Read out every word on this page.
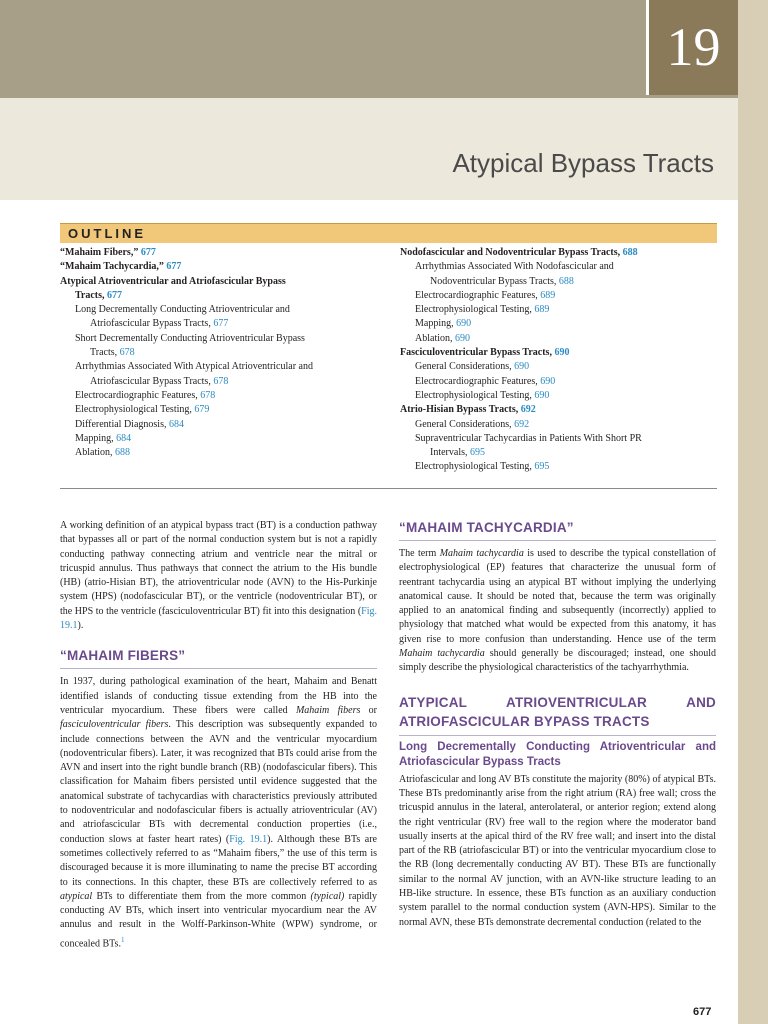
19
Atypical Bypass Tracts
OUTLINE
“Mahaim Fibers,” 677
“Mahaim Tachycardia,” 677
Atypical Atrioventricular and Atriofascicular Bypass
Tracts, 677
Long Decrementally Conducting Atrioventricular and
Atriofascicular Bypass Tracts, 677
Short Decrementally Conducting Atrioventricular Bypass
Tracts, 678
Arrhythmias Associated With Atypical Atrioventricular and
Atriofascicular Bypass Tracts, 678
Electrocardiographic Features, 678
Electrophysiological Testing, 679
Differential Diagnosis, 684
Mapping, 684
Ablation, 688
Nodofascicular and Nodoventricular Bypass Tracts, 688
Arrhythmias Associated With Nodofascicular and
Nodoventricular Bypass Tracts, 688
Electrocardiographic Features, 689
Electrophysiological Testing, 689
Mapping, 690
Ablation, 690
Fasciculoventricular Bypass Tracts, 690
General Considerations, 690
Electrocardiographic Features, 690
Electrophysiological Testing, 690
Atrio-Hisian Bypass Tracts, 692
General Considerations, 692
Supraventricular Tachycardias in Patients With Short PR
Intervals, 695
Electrophysiological Testing, 695

A working definition of an atypical bypass tract (BT) is a conduction pathway that bypasses all or part of the normal conduction system but is not a rapidly conducting pathway connecting atrium and ventricle near the mitral or tricuspid annulus. Thus pathways that connect the atrium to the His bundle (HB) (atrio-Hisian BT), the atrioventricular node (AVN) to the His-Purkinje system (HPS) (nodofascicular BT), or the ventricle (nodoventricular BT), or the HPS to the ventricle (fasciculoventricular BT) fit into this designation (Fig. 19.1).

“MAHAIM FIBERS”

In 1937, during pathological examination of the heart, Mahaim and Benatt identified islands of conducting tissue extending from the HB into the ventricular myocardium. These fibers were called Mahaim fibers or fasciculoventricular fibers. This description was subsequently expanded to include connections between the AVN and the ventricular myocardium (nodoventricular fibers). Later, it was recognized that BTs could arise from the AVN and insert into the right bundle branch (RB) (nodofascicular fibers). This classification for Mahaim fibers persisted until evidence suggested that the anatomical substrate of tachycardias with characteristics previously attributed to nodoventricular and nodofascicular fibers is actually atrioventricular (AV) and atriofascicular BTs with decremental conduction properties (i.e., conduction slows at faster heart rates) (Fig. 19.1). Although these BTs are sometimes collectively referred to as “Mahaim fibers,” the use of this term is discouraged because it is more illuminating to name the precise BT according to its connections. In this chapter, these BTs are collectively referred to as atypical BTs to differentiate them from the more common (typical) rapidly conducting AV BTs, which insert into ventricular myocardium near the AV annulus and result in the Wolff-Parkinson-White (WPW) syndrome, or concealed BTs.$^1$

“MAHAIM TACHYCARDIA”

The term Mahaim tachycardia is used to describe the typical constellation of electrophysiological (EP) features that characterize the unusual form of reentrant tachycardia using an atypical BT without implying the underlying anatomical cause. It should be noted that, because the term was originally applied to an anatomical finding and subsequently (incorrectly) applied to physiology that matched what would be expected from this anatomy, it has given rise to more confusion than understanding. Hence use of the term Mahaim tachycardia should generally be discouraged; instead, one should simply describe the physiological characteristics of the tachyarrhythmia.

ATYPICAL ATRIOVENTRICULAR AND ATRIOFASCICULAR BYPASS TRACTS
Long Decrementally Conducting Atrioventricular and Atriofascicular Bypass Tracts

Atriofascicular and long AV BTs constitute the majority (80%) of atypical BTs. These BTs predominantly arise from the right atrium (RA) free wall; cross the tricuspid annulus in the lateral, anterolateral, or anterior region; extend along the right ventricular (RV) free wall to the region where the moderator band usually inserts at the apical third of the RV free wall; and insert into the distal part of the RB (atriofascicular BT) or into the ventricular myocardium close to the RB (long decrementally conducting AV BT). These BTs are functionally similar to the normal AV junction, with an AVN-like structure leading to an HB-like structure. In essence, these BTs function as an auxiliary conduction system parallel to the normal conduction system (AVN-HPS). Similar to the normal AVN, these BTs demonstrate decremental conduction (related to the

677
